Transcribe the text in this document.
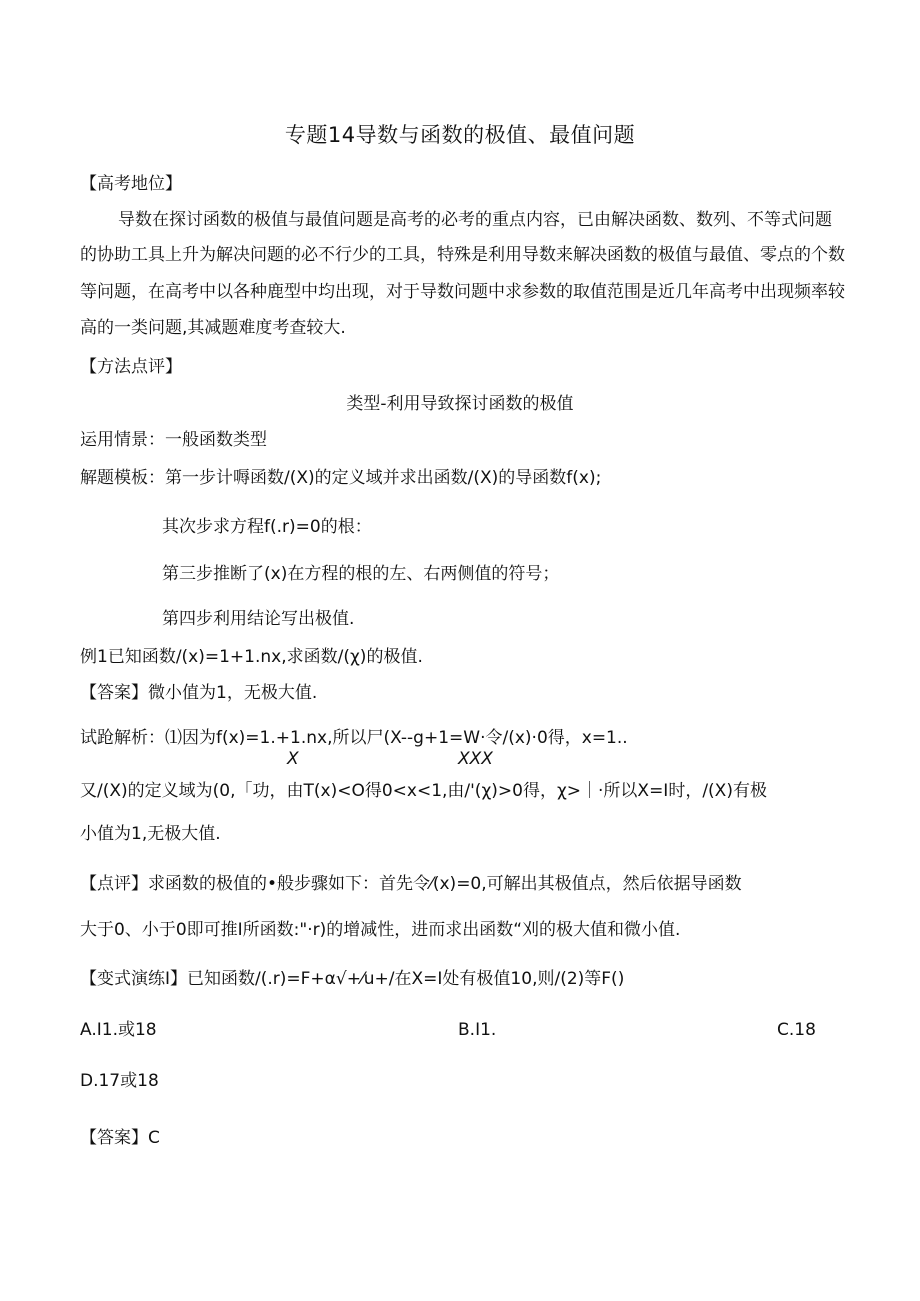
专题14导数与函数的极值、最值问题
【高考地位】
导数在探讨函数的极值与最值问题是高考的必考的重点内容，已由解决函数、数列、不等式问题
的协助工具上升为解决问题的必不行少的工具，特殊是利用导数来解决函数的极值与最值、零点的个数
等问题，在高考中以各种鹿型中均出现，对于导数问题中求参数的取值范围是近几年高考中出现频率较
高的一类问题,其减题难度考查较大.
【方法点评】
类型-利用导致探讨函数的极值
运用情景：一般函数类型
解题模板：第一步计嗕函数/(X)的定义域并求出函数/(X)的导函数f(x);
其次步求方程f(.r)=0的根：
第三步推断了(x)在方程的根的左、右两侧值的符号；
第四步利用结论写出极值.
例1已知函数/(x)=1+1.nx,求函数/(χ)的极值.
【答案】微小值为1，无极大值.
试跄解析：⑴因为f(x)=1.+1.nx,所以尸(X--g+1=W·令/(x)·0得，x=1..
X	XXX
又/(X)的定义域为(0,「功，由T(x)<O得0<x<1,由/'(χ)>0得，χ>｜·所以X=I时，/(X)有极
小值为1,无极大值.
【点评】求函数的极值的•般步骤如下：首先令⁄(x)=0,可解出其极值点，然后依据导函数
大于0、小于0即可推I所函数:"·r)的增减性，进而求出函数“刈的极大值和微小值.
【变式演练I】已知函数/(.r)=F+α√+⁄u+/在X=I处有极值10,则/(2)等F()
A.I1.或18	B.I1.	C.18
D.17或18
【答案】C
